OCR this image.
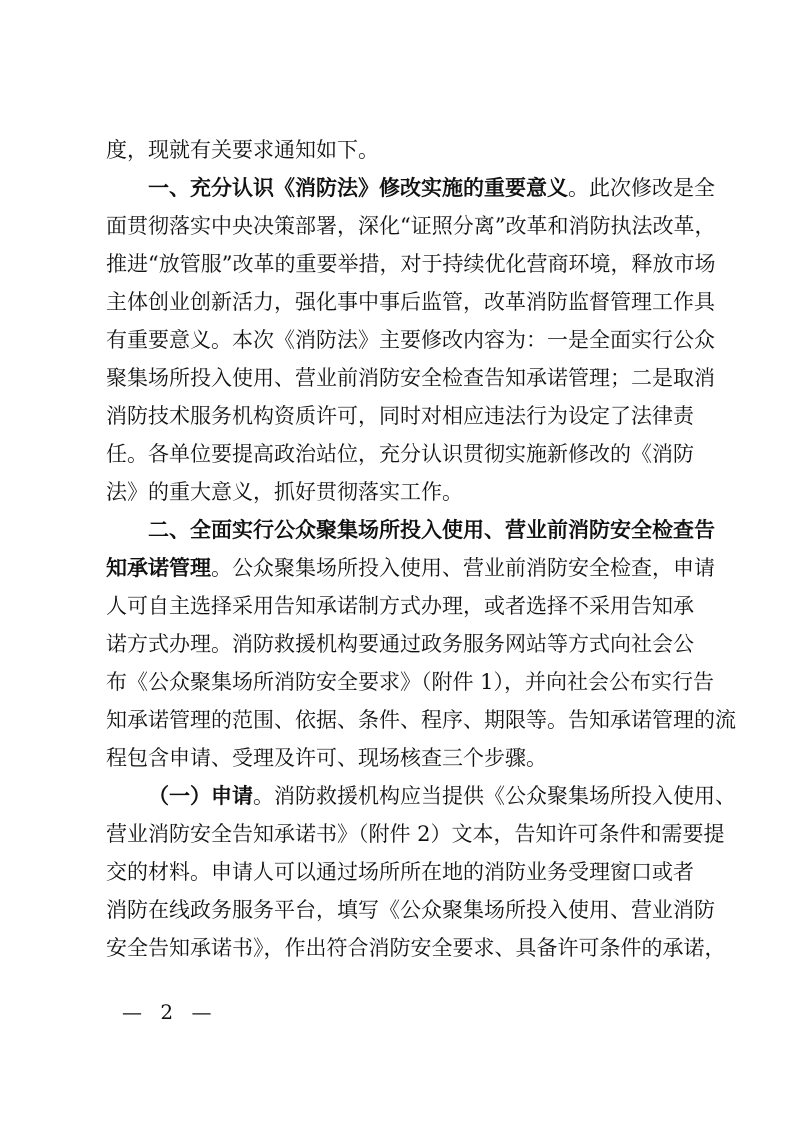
度，现就有关要求通知如下。
一、充分认识《消防法》修改实施的重要意义。此次修改是全
面贯彻落实中央决策部署，深化“证照分离”改革和消防执法改革，
推进“放管服”改革的重要举措，对于持续优化营商环境，释放市场
主体创业创新活力，强化事中事后监管，改革消防监督管理工作具
有重要意义。本次《消防法》主要修改内容为：一是全面实行公众
聚集场所投入使用、营业前消防安全检查告知承诺管理；二是取消
消防技术服务机构资质许可，同时对相应违法行为设定了法律责
任。各单位要提高政治站位，充分认识贯彻实施新修改的《消防
法》的重大意义，抓好贯彻落实工作。
二、全面实行公众聚集场所投入使用、营业前消防安全检查告
知承诺管理。公众聚集场所投入使用、营业前消防安全检查，申请
人可自主选择采用告知承诺制方式办理，或者选择不采用告知承
诺方式办理。消防救援机构要通过政务服务网站等方式向社会公
布《公众聚集场所消防安全要求》（附件 1），并向社会公布实行告
知承诺管理的范围、依据、条件、程序、期限等。告知承诺管理的流
程包含申请、受理及许可、现场核查三个步骤。
（一）申请。消防救援机构应当提供《公众聚集场所投入使用、
营业消防安全告知承诺书》（附件 2）文本，告知许可条件和需要提
交的材料。申请人可以通过场所所在地的消防业务受理窗口或者
消防在线政务服务平台，填写《公众聚集场所投入使用、营业消防
安全告知承诺书》，作出符合消防安全要求、具备许可条件的承诺，
— 2 —
